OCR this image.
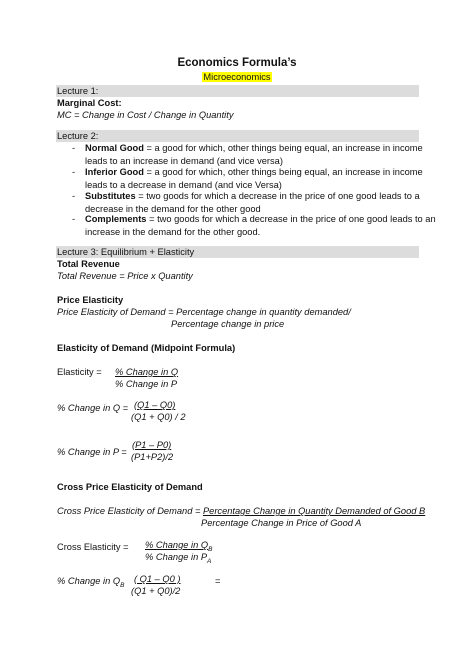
Economics Formula’s
Microeconomics
Lecture 1:
Marginal Cost:
MC = Change in Cost / Change in Quantity
Lecture 2:
- Normal Good = a good for which, other things being equal, an increase in income
leads to an increase in demand (and vice versa)
- Inferior Good = a good for which, other things being equal, an increase in income
leads to a decrease in demand (and vice Versa)
- Substitutes = two goods for which a decrease in the price of one good leads to a
decrease in the demand for the other good
- Complements = two goods for which a decrease in the price of one good leads to an
increase in the demand for the other good.
Lecture 3: Equilibrium + Elasticity
Total Revenue
Total Revenue = Price x Quantity
Price Elasticity
Price Elasticity of Demand = Percentage change in quantity demanded/
Percentage change in price
Elasticity of Demand (Midpoint Formula)
Elasticity = % Change in Q
% Change in P
% Change in Q = (Q1 – Q0)
(Q1 + Q0) / 2
% Change in P =
(P1 – P0)
(P1+P2)/2
Cross Price Elasticity of Demand
Cross Price Elasticity of Demand = Percentage Change in Quantity Demanded of Good B
Percentage Change in Price of Good A
Cross Elasticity = % Change in $Q_B$
% Change in $P_A$
% Change in $Q_B$
( Q1 – Q0 )	=
(Q1 + Q0)/2
